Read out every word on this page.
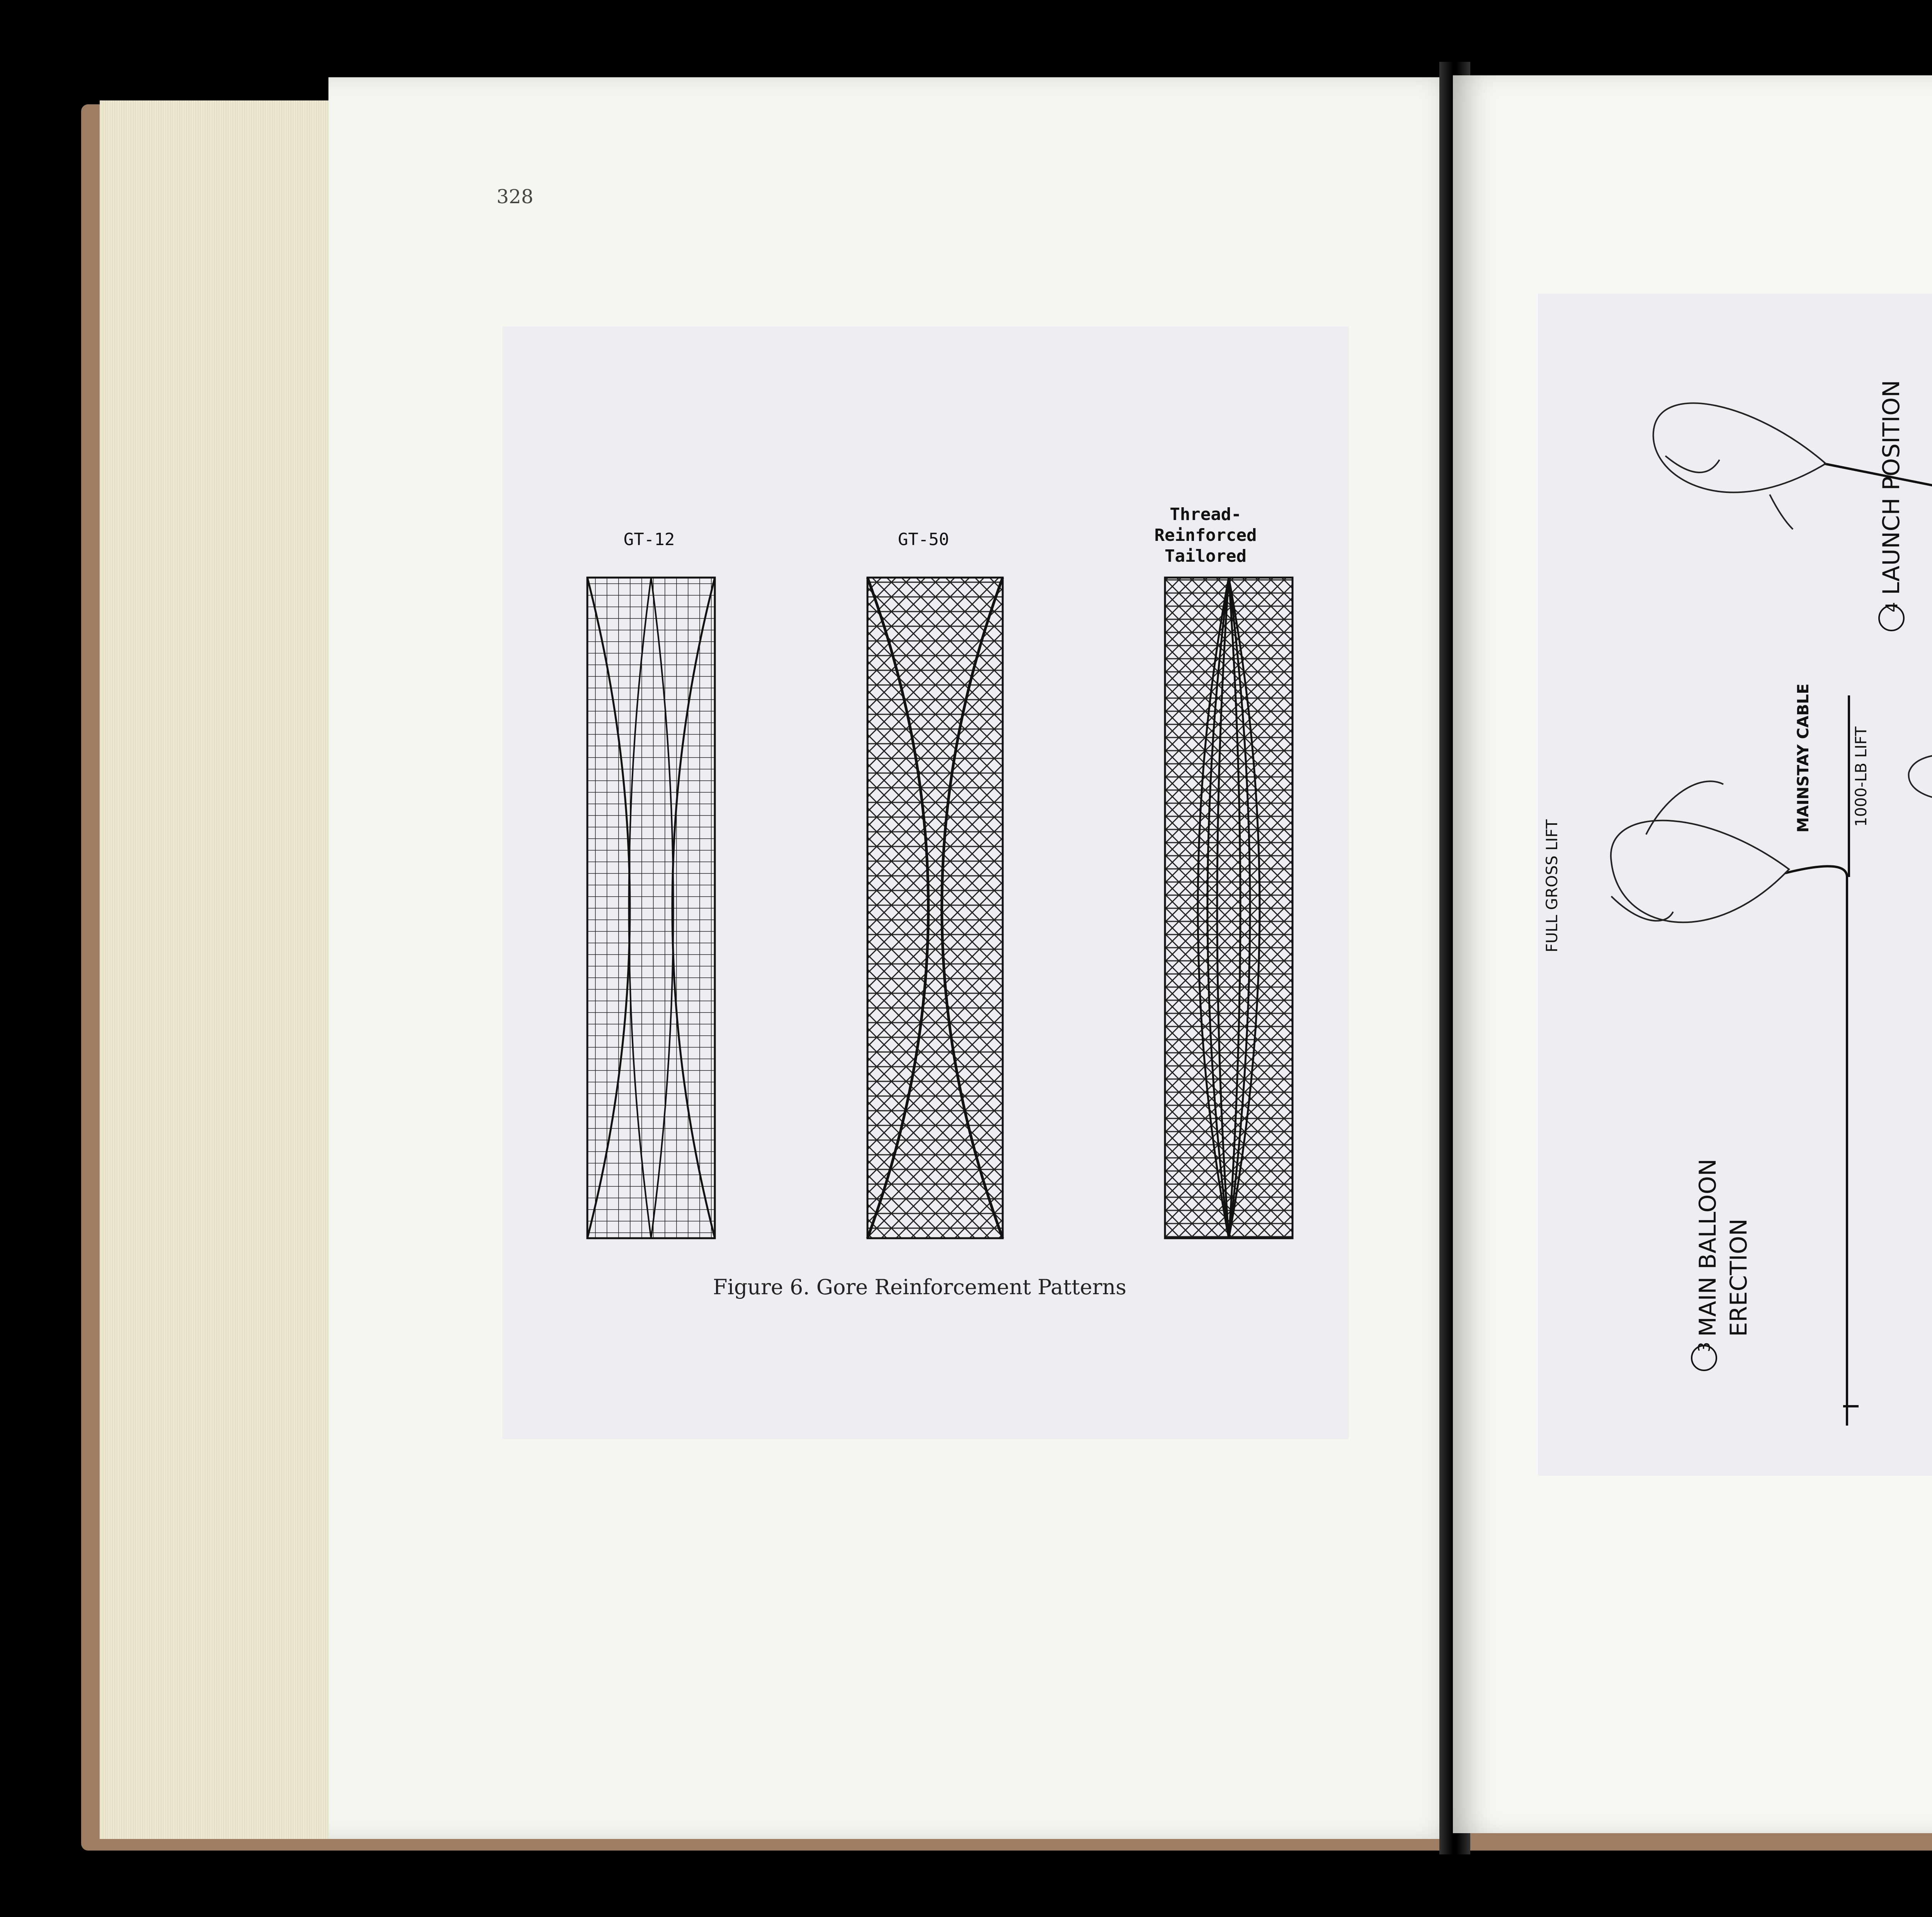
328
GT-12	GT-50
Thread-
Reinforced
Tailored
Figure 6. Gore Reinforcement Patterns
LAUNCH POSITION
FULL GROSS LIFT
MAINSTAY CABLE	1000-LB LIFT
MAIN BALLOON ERECTION
4
3
